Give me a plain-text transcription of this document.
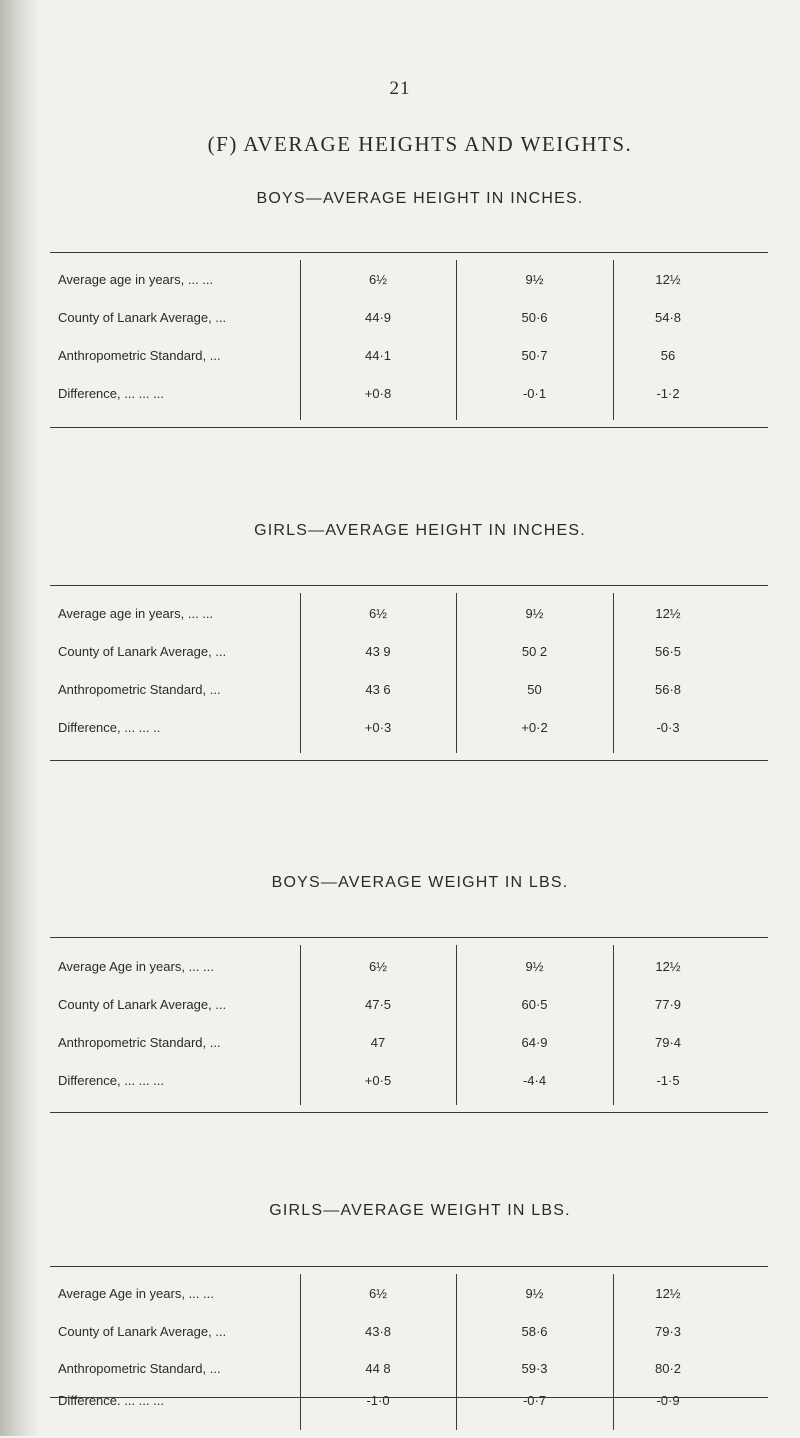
21
(F) AVERAGE HEIGHTS AND WEIGHTS.
BOYS—AVERAGE HEIGHT IN INCHES.
Average age in years, ... ...	6½	9½	12½
County of Lanark Average, ...	44·9	50·6	54·8
Anthropometric Standard, ...	44·1	50·7	56
Difference, ... ... ...	+0·8	-0·1	-1·2
GIRLS—AVERAGE HEIGHT IN INCHES.
Average age in years, ... ...	6½	9½	12½
County of Lanark Average, ...	43 9	50 2	56·5
Anthropometric Standard, ...	43 6	50	56·8
Difference, ... ... ..	+0·3	+0·2	-0·3
BOYS—AVERAGE WEIGHT IN LBS.
Average Age in years, ... ...	6½	9½	12½
County of Lanark Average, ...	47·5	60·5	77·9
Anthropometric Standard, ...	47	64·9	79·4
Difference, ... ... ...	+0·5	-4·4	-1·5
GIRLS—AVERAGE WEIGHT IN LBS.
Average Age in years, ... ...	6½	9½	12½
County of Lanark Average, ...	43·8	58·6	79·3
Anthropometric Standard, ...	44 8	59·3	80·2
Difference. ... ... ...	-1·0	-0·7	-0·9
